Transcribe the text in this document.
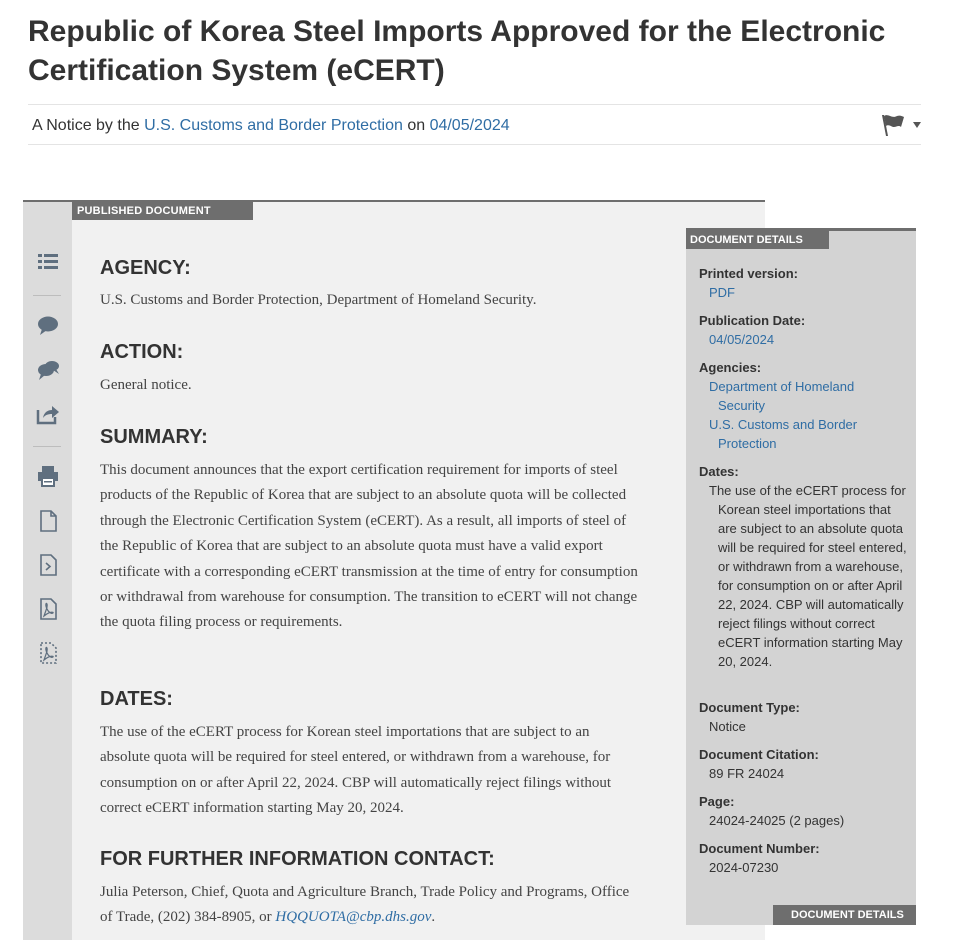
Republic of Korea Steel Imports Approved for the Electronic Certification System (eCERT)
A Notice by the U.S. Customs and Border Protection on 04/05/2024
PUBLISHED DOCUMENT
AGENCY:

U.S. Customs and Border Protection, Department of Homeland Security.

ACTION:

General notice.

SUMMARY:

This document announces that the export certification requirement for imports of steel products of the Republic of Korea that are subject to an absolute quota will be collected through the Electronic Certification System (eCERT). As a result, all imports of steel of the Republic of Korea that are subject to an absolute quota must have a valid export certificate with a corresponding eCERT transmission at the time of entry for consumption or withdrawal from warehouse for consumption. The transition to eCERT will not change the quota filing process or requirements.

DATES:

The use of the eCERT process for Korean steel importations that are subject to an absolute quota will be required for steel entered, or withdrawn from a warehouse, for consumption on or after April 22, 2024. CBP will automatically reject filings without correct eCERT information starting May 20, 2024.

FOR FURTHER INFORMATION CONTACT:

Julia Peterson, Chief, Quota and Agriculture Branch, Trade Policy and Programs, Office of Trade, (202) 384-8905, or HQQUOTA@cbp.dhs.gov.

DOCUMENT DETAILS
Printed version:
PDF
Publication Date:
04/05/2024
Agencies:
Department of Homeland Security
U.S. Customs and Border Protection
Dates:
The use of the eCERT process for Korean steel importations that are subject to an absolute quota will be required for steel entered, or withdrawn from a warehouse, for consumption on or after April 22, 2024. CBP will automatically reject filings without correct eCERT information starting May 20, 2024.
Document Type:
Notice
Document Citation:
89 FR 24024
Page:
24024-24025 (2 pages)
Document Number:
2024-07230
DOCUMENT DETAILS
